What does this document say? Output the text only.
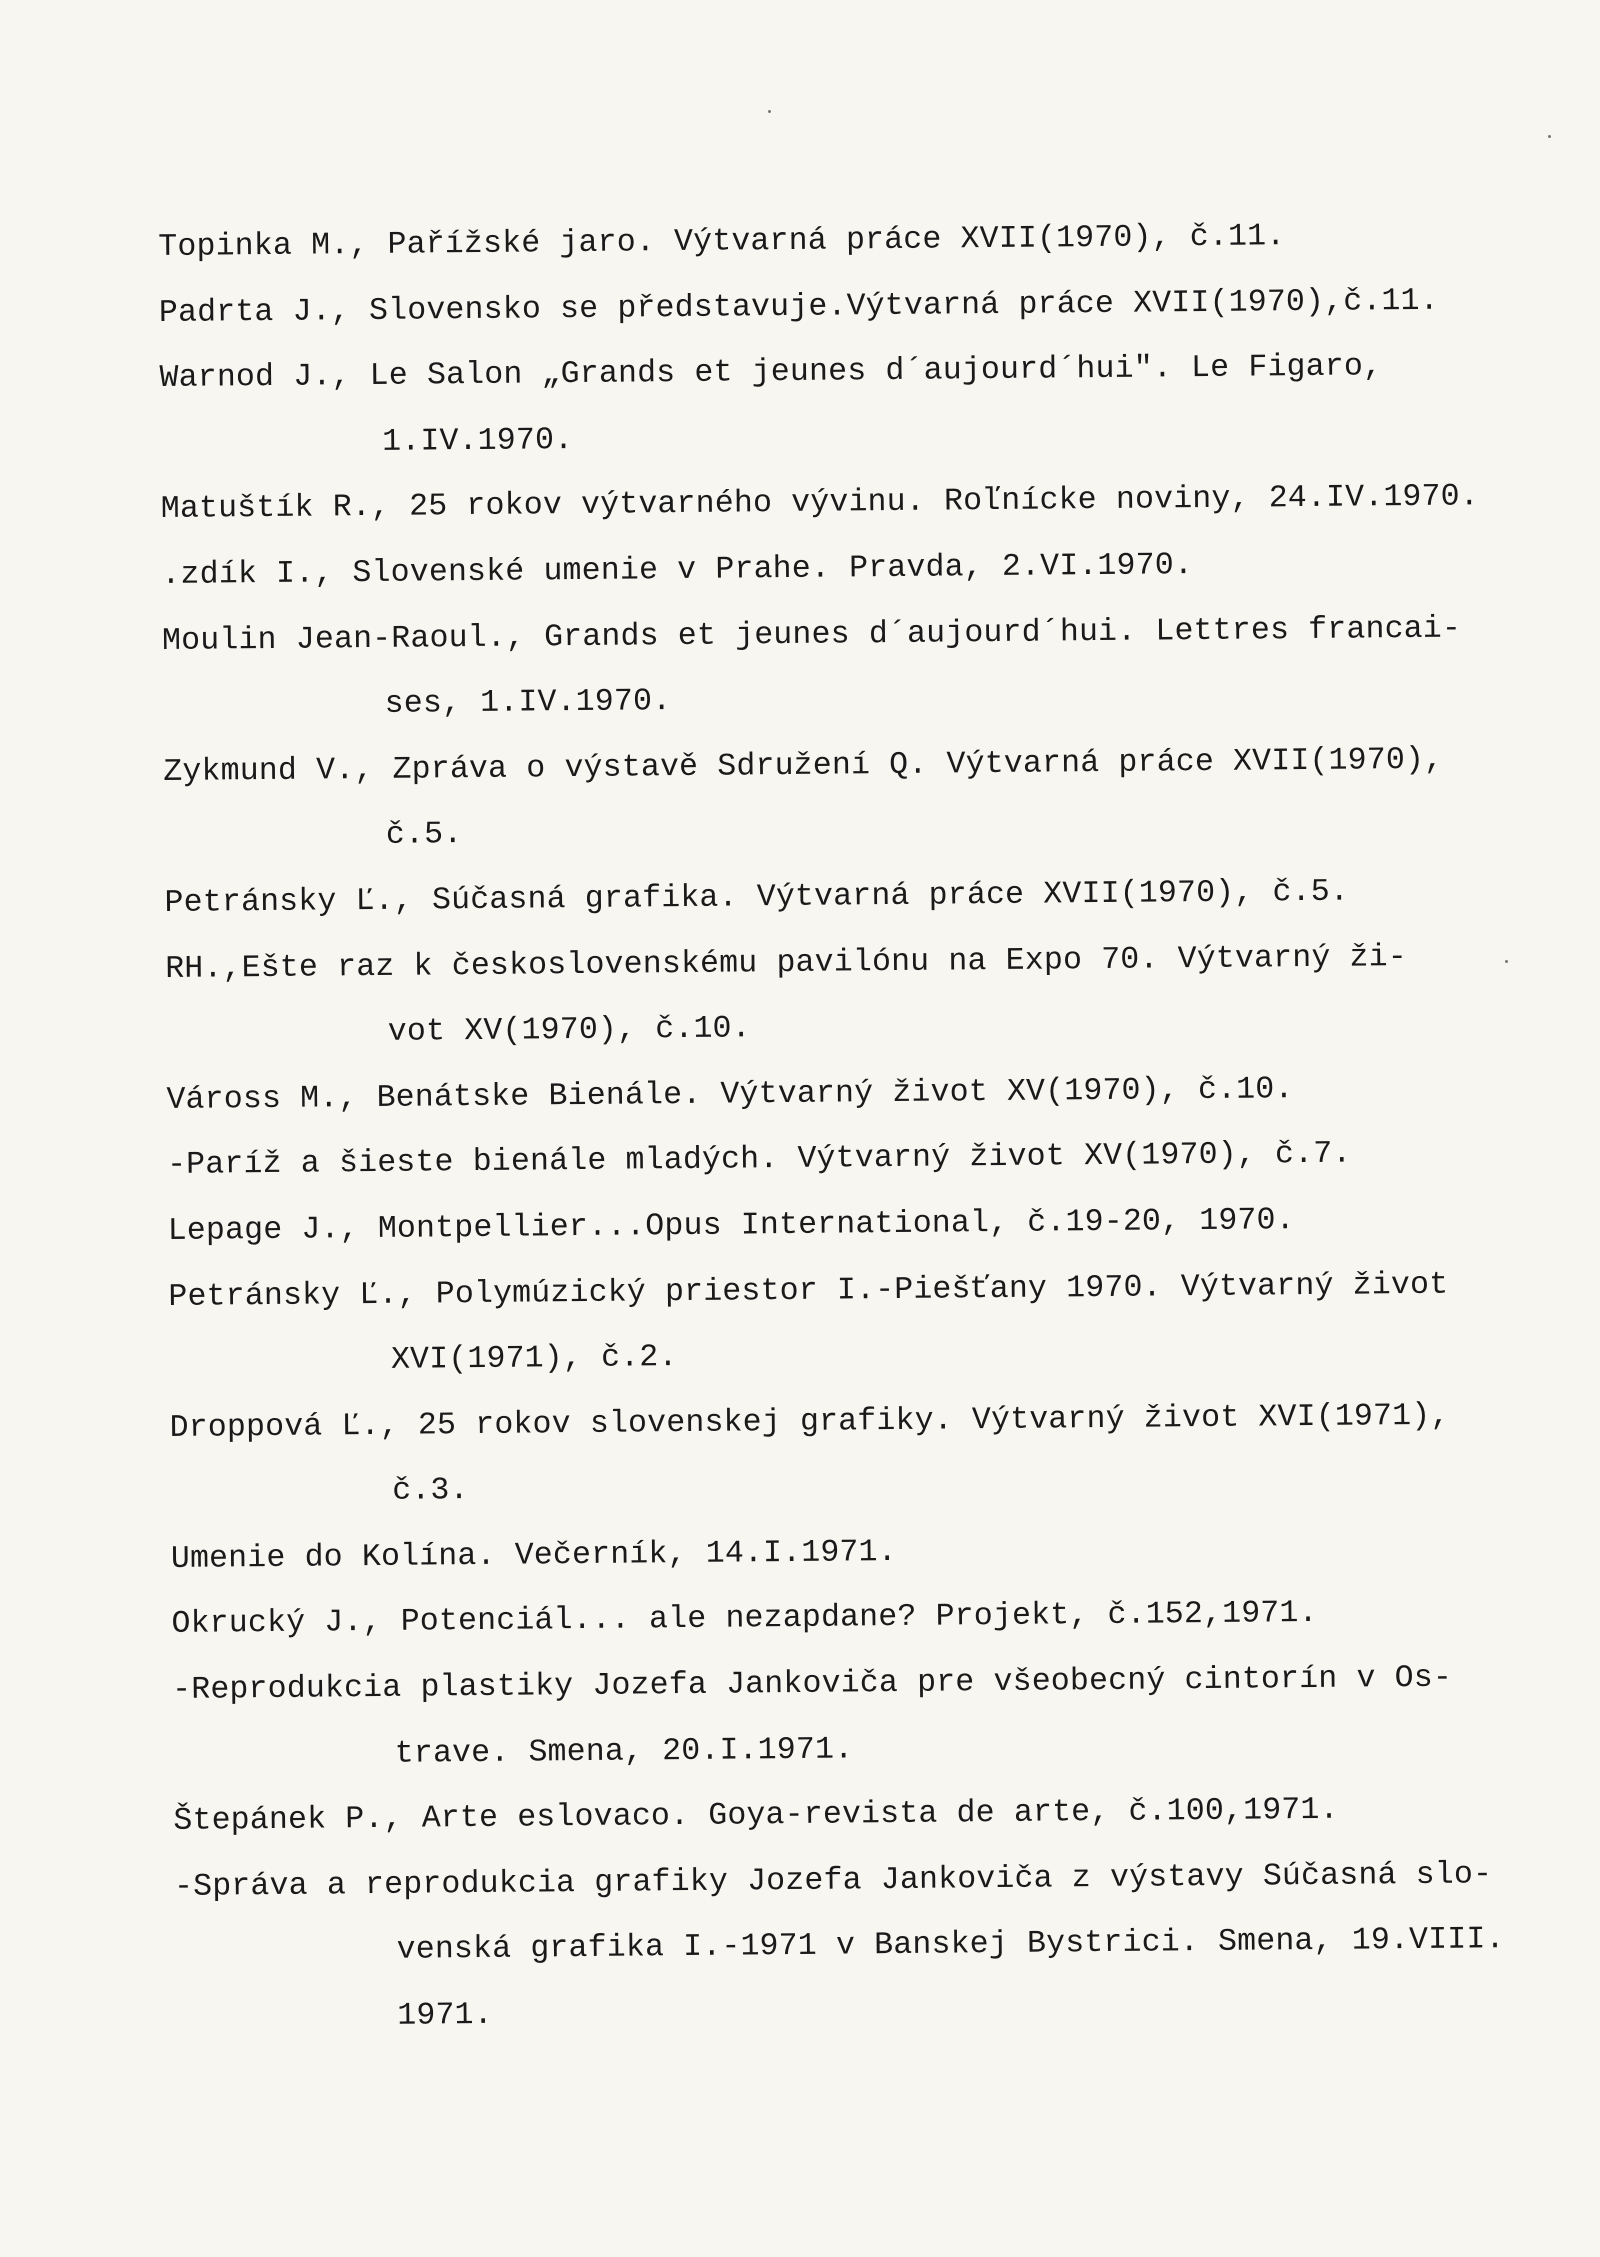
Topinka M., Pařížské jaro. Výtvarná práce XVII(1970), č.11.
Padrta J., Slovensko se představuje.Výtvarná práce XVII(1970),č.11.
Warnod J., Le Salon „Grands et jeunes d´aujourd´hui". Le Figaro,
1.IV.1970.
Matuštík R., 25 rokov výtvarného vývinu. Roľnícke noviny, 24.IV.1970.
.zdík I., Slovenské umenie v Prahe. Pravda, 2.VI.1970.
Moulin Jean-Raoul., Grands et jeunes d´aujourd´hui. Lettres francai-
ses, 1.IV.1970.
Zykmund V., Zpráva o výstavě Sdružení Q. Výtvarná práce XVII(1970),
č.5.
Petránsky Ľ., Súčasná grafika. Výtvarná práce XVII(1970), č.5.
RH.,Ešte raz k československému pavilónu na Expo 70. Výtvarný ži-
vot XV(1970), č.10.
Váross M., Benátske Bienále. Výtvarný život XV(1970), č.10.
-Paríž a šieste bienále mladých. Výtvarný život XV(1970), č.7.
Lepage J., Montpellier...Opus International, č.19-20, 1970.
Petránsky Ľ., Polymúzický priestor I.-Piešťany 1970. Výtvarný život
XVI(1971), č.2.
Droppová Ľ., 25 rokov slovenskej grafiky. Výtvarný život XVI(1971),
č.3.
Umenie do Kolína. Večerník, 14.I.1971.
Okrucký J., Potenciál... ale nezapdane? Projekt, č.152,1971.
-Reprodukcia plastiky Jozefa Jankoviča pre všeobecný cintorín v Os-
trave. Smena, 20.I.1971.
Štepánek P., Arte eslovaco. Goya-revista de arte, č.100,1971.
-Správa a reprodukcia grafiky Jozefa Jankoviča z výstavy Súčasná slo-
venská grafika I.-1971 v Banskej Bystrici. Smena, 19.VIII.
1971.
